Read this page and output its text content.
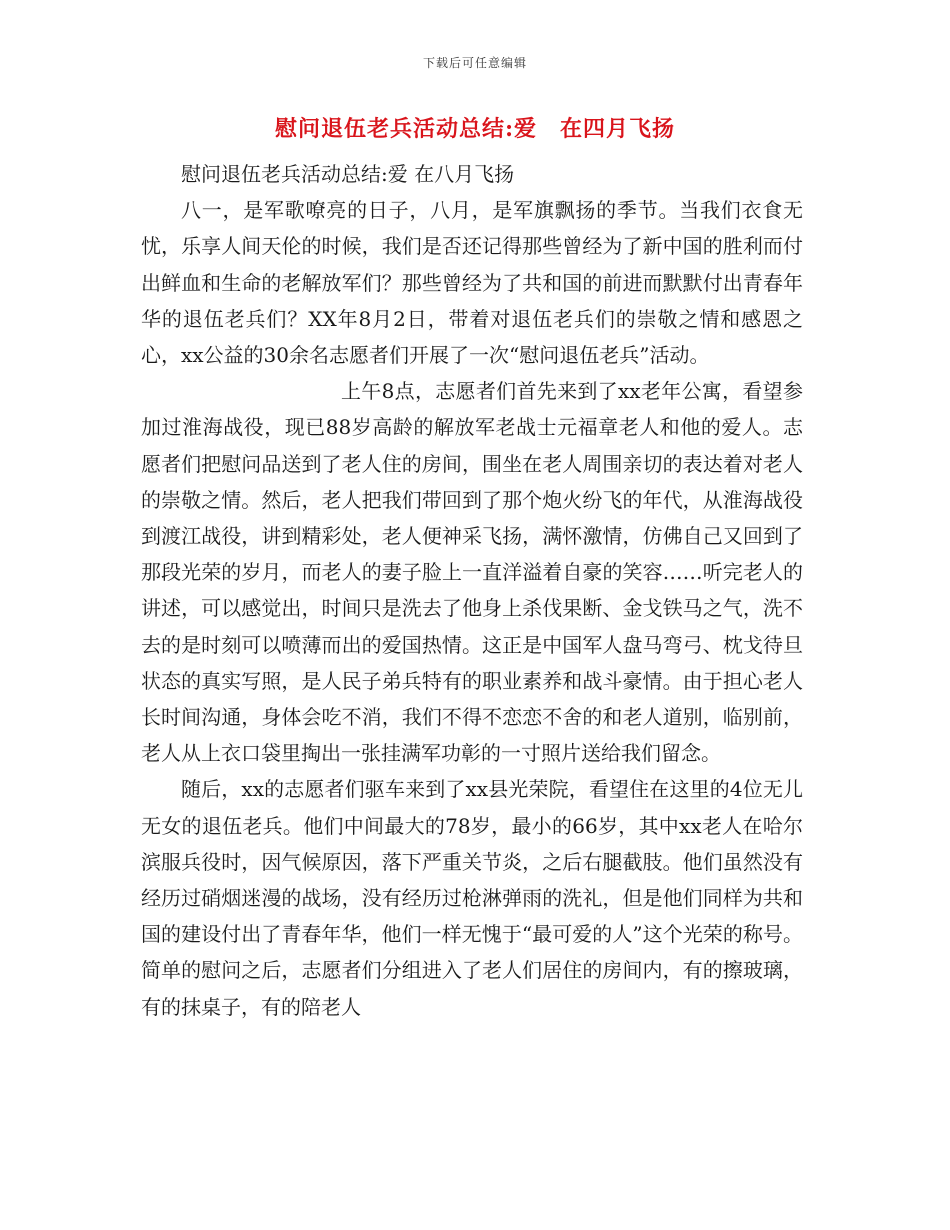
下载后可任意编辑
慰问退伍老兵活动总结:爱　在四月飞扬

慰问退伍老兵活动总结:爱 在八月飞扬

八一，是军歌嘹亮的日子，八月，是军旗飘扬的季节。当我们衣食无忧，乐享人间天伦的时候，我们是否还记得那些曾经为了新中国的胜利而付出鲜血和生命的老解放军们？那些曾经为了共和国的前进而默默付出青春年华的退伍老兵们？XX年8月2日，带着对退伍老兵们的崇敬之情和感恩之心，xx公益的30余名志愿者们开展了一次“慰问退伍老兵”活动。

上午8点，志愿者们首先来到了xx老年公寓，看望参加过淮海战役，现已88岁高龄的解放军老战士元福章老人和他的爱人。志愿者们把慰问品送到了老人住的房间，围坐在老人周围亲切的表达着对老人的崇敬之情。然后，老人把我们带回到了那个炮火纷飞的年代，从淮海战役到渡江战役，讲到精彩处，老人便神采飞扬，满怀激情，仿佛自己又回到了那段光荣的岁月，而老人的妻子脸上一直洋溢着自豪的笑容……听完老人的讲述，可以感觉出，时间只是洗去了他身上杀伐果断、金戈铁马之气，洗不去的是时刻可以喷薄而出的爱国热情。这正是中国军人盘马弯弓、枕戈待旦状态的真实写照，是人民子弟兵特有的职业素养和战斗豪情。由于担心老人长时间沟通，身体会吃不消，我们不得不恋恋不舍的和老人道别，临别前，老人从上衣口袋里掏出一张挂满军功彰的一寸照片送给我们留念。

随后，xx的志愿者们驱车来到了xx县光荣院，看望住在这里的4位无儿无女的退伍老兵。他们中间最大的78岁，最小的66岁，其中xx老人在哈尔滨服兵役时，因气候原因，落下严重关节炎，之后右腿截肢。他们虽然没有经历过硝烟迷漫的战场，没有经历过枪淋弹雨的洗礼，但是他们同样为共和国的建设付出了青春年华，他们一样无愧于“最可爱的人”这个光荣的称号。简单的慰问之后，志愿者们分组进入了老人们居住的房间内，有的擦玻璃，有的抹桌子，有的陪老人
